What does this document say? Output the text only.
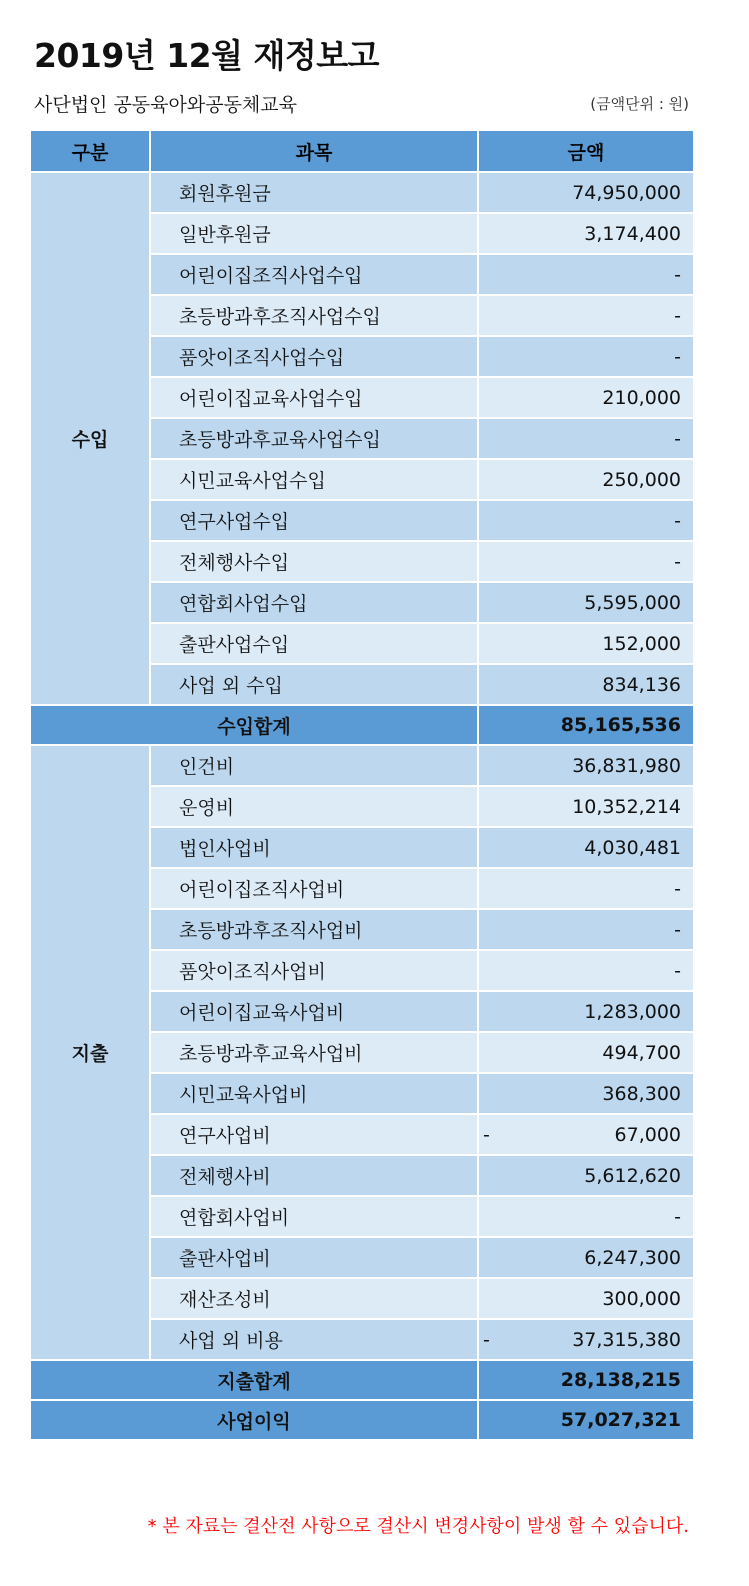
2019년 12월 재정보고
사단법인 공동육아와공동체교육	(금액단위 : 원)
구분	과목	금액
수입	회원후원금	74,950,000
	일반후원금	3,174,400
	어린이집조직사업수입	-
	초등방과후조직사업수입	-
	품앗이조직사업수입	-
	어린이집교육사업수입	210,000
	초등방과후교육사업수입	-
	시민교육사업수입	250,000
	연구사업수입	-
	전체행사수입	-
	연합회사업수입	5,595,000
	출판사업수입	152,000
	사업 외 수입	834,136
수입합계		85,165,536
지출	인건비	36,831,980
	운영비	10,352,214
	법인사업비	4,030,481
	어린이집조직사업비	-
	초등방과후조직사업비	-
	품앗이조직사업비	-
	어린이집교육사업비	1,283,000
	초등방과후교육사업비	494,700
	시민교육사업비	368,300
	연구사업비	- 67,000
	전체행사비	5,612,620
	연합회사업비	-
	출판사업비	6,247,300
	재산조성비	300,000
	사업 외 비용	- 37,315,380
지출합계		28,138,215
사업이익		57,027,321
* 본 자료는 결산전 사항으로 결산시 변경사항이 발생 할 수 있습니다.
